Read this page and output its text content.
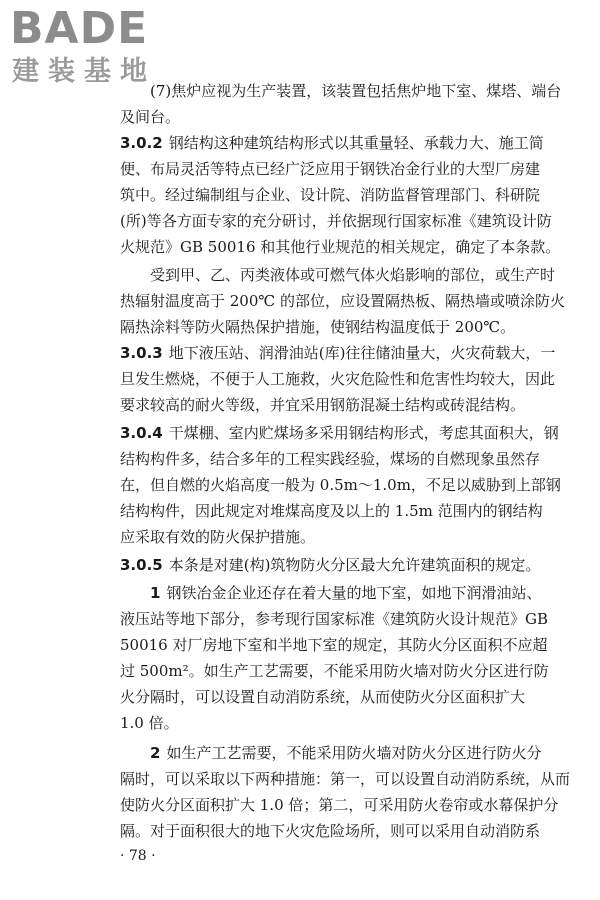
BADE
建装基地
(7)焦炉应视为生产装置，该装置包括焦炉地下室、煤塔、端台
及间台。
3.0.2 钢结构这种建筑结构形式以其重量轻、承载力大、施工简
便、布局灵活等特点已经广泛应用于钢铁冶金行业的大型厂房建
筑中。经过编制组与企业、设计院、消防监督管理部门、科研院
(所)等各方面专家的充分研讨，并依据现行国家标准《建筑设计防
火规范》GB 50016 和其他行业规范的相关规定，确定了本条款。
受到甲、乙、丙类液体或可燃气体火焰影响的部位，或生产时
热辐射温度高于 200℃ 的部位，应设置隔热板、隔热墙或喷涂防火
隔热涂料等防火隔热保护措施，使钢结构温度低于 200℃。
3.0.3 地下液压站、润滑油站(库)往往储油量大，火灾荷载大，一
旦发生燃烧，不便于人工施救，火灾危险性和危害性均较大，因此
要求较高的耐火等级，并宜采用钢筋混凝土结构或砖混结构。
3.0.4 干煤棚、室内贮煤场多采用钢结构形式，考虑其面积大，钢
结构构件多，结合多年的工程实践经验，煤场的自燃现象虽然存
在，但自燃的火焰高度一般为 0.5m～1.0m，不足以威胁到上部钢
结构构件，因此规定对堆煤高度及以上的 1.5m 范围内的钢结构
应采取有效的防火保护措施。
3.0.5 本条是对建(构)筑物防火分区最大允许建筑面积的规定。
1 钢铁冶金企业还存在着大量的地下室，如地下润滑油站、
液压站等地下部分，参考现行国家标准《建筑防火设计规范》GB
50016 对厂房地下室和半地下室的规定，其防火分区面积不应超
过 500m²。如生产工艺需要，不能采用防火墙对防火分区进行防
火分隔时，可以设置自动消防系统，从而使防火分区面积扩大
1.0 倍。
2 如生产工艺需要，不能采用防火墙对防火分区进行防火分
隔时，可以采取以下两种措施：第一，可以设置自动消防系统，从而
使防火分区面积扩大 1.0 倍；第二，可采用防火卷帘或水幕保护分
隔。对于面积很大的地下火灾危险场所，则可以采用自动消防系
· 78 ·
